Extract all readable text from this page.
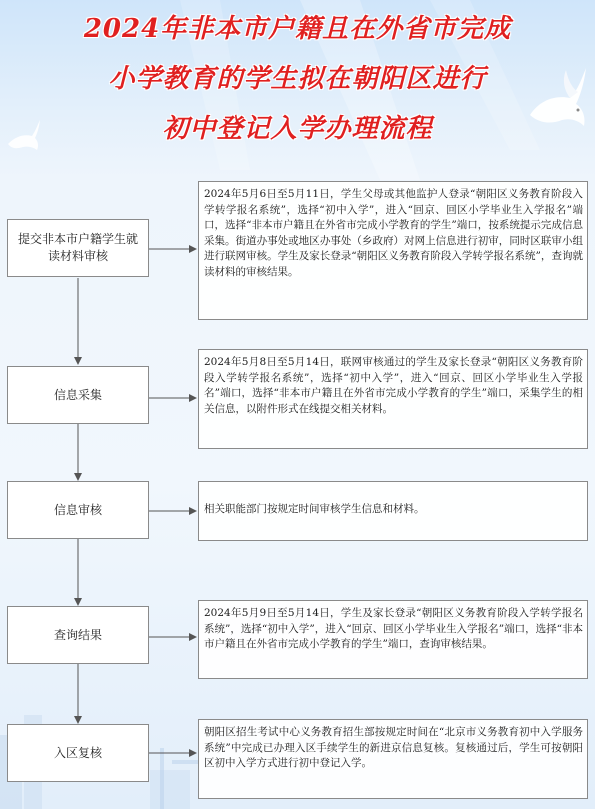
2024年非本市户籍且在外省市完成
小学教育的学生拟在朝阳区进行
初中登记入学办理流程
提交非本市户籍学生就读材料审核
信息采集
信息审核
查询结果
入区复核
2024年5月6日至5月11日，学生父母或其他监护人登录“朝阳区义务教育阶段入学转学报名系统”，选择“初中入学”，进入“回京、回区小学毕业生入学报名”端口，选择“非本市户籍且在外省市完成小学教育的学生”端口，按系统提示完成信息采集。街道办事处或地区办事处（乡政府）对网上信息进行初审，同时区联审小组进行联网审核。学生及家长登录“朝阳区义务教育阶段入学转学报名系统”，查询就读材料的审核结果。
2024年5月8日至5月14日，联网审核通过的学生及家长登录“朝阳区义务教育阶段入学转学报名系统”，选择“初中入学”，进入“回京、回区小学毕业生入学报名”端口，选择“非本市户籍且在外省市完成小学教育的学生”端口，采集学生的相关信息，以附件形式在线提交相关材料。
相关职能部门按规定时间审核学生信息和材料。
2024年5月9日至5月14日，学生及家长登录“朝阳区义务教育阶段入学转学报名系统”，选择“初中入学”，进入“回京、回区小学毕业生入学报名”端口，选择“非本市户籍且在外省市完成小学教育的学生”端口，查询审核结果。
朝阳区招生考试中心义务教育招生部按规定时间在“北京市义务教育初中入学服务系统”中完成已办理入区手续学生的新进京信息复核。复核通过后，学生可按朝阳区初中入学方式进行初中登记入学。
